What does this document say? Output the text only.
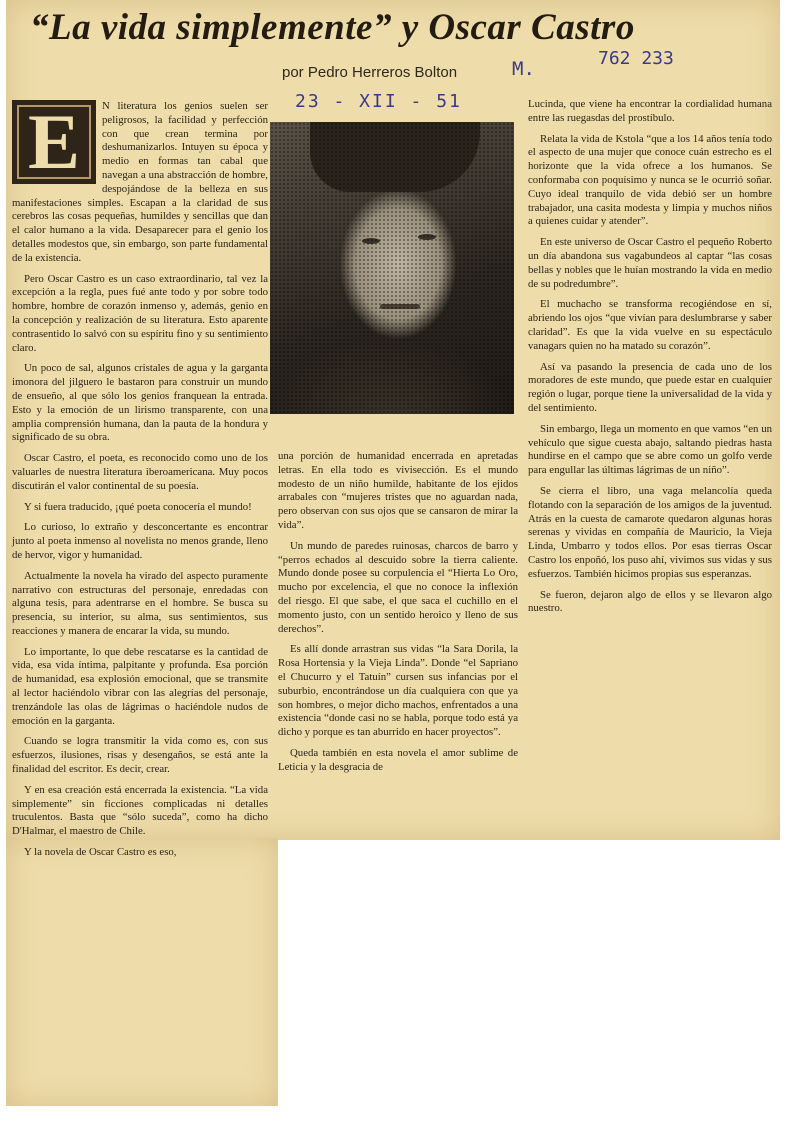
“La vida simplemente” y Oscar Castro
por Pedro Herreros Bolton	M.	762 233
23 - XII - 51
E	N literatura los genios suelen ser peligrosos, la facilidad y perfección con que crean termina por deshumanizarlos. Intuyen su época y medio en formas tan cabal que navegan a una abstracción de hombre, despojándose de la belleza en sus manifestaciones simples. Escapan a la claridad de sus cerebros las cosas pequeñas, humildes y sencillas que dan el calor humano a la vida. Desaparecer para el genio los detalles modestos que, sin embargo, son parte fundamental de la existencia.

Pero Oscar Castro es un caso extraordinario, tal vez la excepción a la regla, pues fué ante todo y por sobre todo hombre, hombre de corazón inmenso y, además, genio en la concepción y realización de su literatura. Esto aparente contrasentido lo salvó con su espíritu fino y su sentimiento claro.

Un poco de sal, algunos cristales de agua y la garganta imonora del jilguero le bastaron para construir un mundo de ensueño, al que sólo los genios franquean la entrada. Esto y la emoción de un lirismo transparente, con una amplia comprensión humana, dan la pauta de la hondura y significado de su obra.

Oscar Castro, el poeta, es reconocido como uno de los valuarles de nuestra literatura iberoamericana. Muy pocos discutirán el valor continental de su poesía.

Y si fuera traducido, ¡qué poeta conocería el mundo!

Lo curioso, lo extraño y desconcertante es encontrar junto al poeta inmenso al novelista no menos grande, lleno de hervor, vigor y humanidad.

Actualmente la novela ha virado del aspecto puramente narrativo con estructuras del personaje, enredadas con alguna tesis, para adentrarse en el hombre. Se busca su presencia, su interior, su alma, sus sentimientos, sus reacciones y manera de encarar la vida, su mundo.

Lo importante, lo que debe rescatarse es la cantidad de vida, esa vida íntima, palpitante y profunda. Esa porción de humanidad, esa explosión emocional, que se transmite al lector haciéndolo vibrar con las alegrías del personaje, trenzándole las olas de lágrimas o haciéndole nudos de emoción en la garganta.

Cuando se logra transmitir la vida como es, con sus esfuerzos, ilusiones, risas y desengaños, se está ante la finalidad del escritor. Es decir, crear.

Y en esa creación está encerrada la existencia. “La vida simplemente” sin ficciones complicadas ni detalles truculentos. Basta que “sólo suceda”, como ha dicho D'Halmar, el maestro de Chile.

Y la novela de Oscar Castro es eso,

una porción de humanidad encerrada en apretadas letras. En ella todo es vivisección. Es el mundo modesto de un niño humilde, habitante de los ejidos arrabales con “mujeres tristes que no aguardan nada, pero observan con sus ojos que se cansaron de mirar la vida”.

Un mundo de paredes ruinosas, charcos de barro y “perros echados al descuido sobre la tierra caliente. Mundo donde posee su corpulencia el “Hierta Lo Oro, mucho por excelencia, el que no conoce la inflexión del riesgo. El que sabe, el que saca el cuchillo en el momento justo, con un sentido heroico y lleno de sus derechos”.

Es allí donde arrastran sus vidas “la Sara Dorila, la Rosa Hortensia y la Vieja Linda”. Donde “el Sapriano el Chucurro y el Tatuín” cursen sus infancias por el suburbio, encontrándose un día cualquiera con que ya son hombres, o mejor dicho machos, enfrentados a una existencia “donde casi no se habla, porque todo está ya dicho y porque es tan aburrido en hacer proyectos”.

Queda también en esta novela el amor sublime de Leticia y la desgracia de

Lucinda, que viene ha encontrar la cordialidad humana entre las ruegasdas del prostíbulo.

Relata la vida de Kstola “que a los 14 años tenía todo el aspecto de una mujer que conoce cuán estrecho es el horizonte que la vida ofrece a los humanos. Se conformaba con poquísimo y nunca se le ocurrió soñar. Cuyo ideal tranquilo de vida debió ser un hombre trabajador, una casita modesta y limpia y muchos niños a quienes cuidar y atender”.

En este universo de Oscar Castro el pequeño Roberto un día abandona sus vagabundeos al captar “las cosas bellas y nobles que le huían mostrando la vida en medio de su podredumbre”.

El muchacho se transforma recogiéndose en sí, abriendo los ojos “que vivían para deslumbrarse y saber claridad”. Es que la vida vuelve en su espectáculo vanagars quien no ha matado su corazón”.

Así va pasando la presencia de cada uno de los moradores de este mundo, que puede estar en cualquier región o lugar, porque tiene la universalidad de la vida y del sentimiento.

Sin embargo, llega un momento en que vamos “en un vehículo que sigue cuesta abajo, saltando piedras hasta hundirse en el campo que se abre como un golfo verde para engullar las últimas lágrimas de un niño”.

Se cierra el libro, una vaga melancolía queda flotando con la separación de los amigos de la juventud. Atrás en la cuesta de camarote quedaron algunas horas serenas y vividas en compañía de Mauricio, la Vieja Linda, Umbarro y todos ellos. Por esas tierras Oscar Castro los enpoñó, los puso ahí, vivimos sus vidas y sus esfuerzos. También hicimos propias sus esperanzas.

Se fueron, dejaron algo de ellos y se llevaron algo nuestro.
